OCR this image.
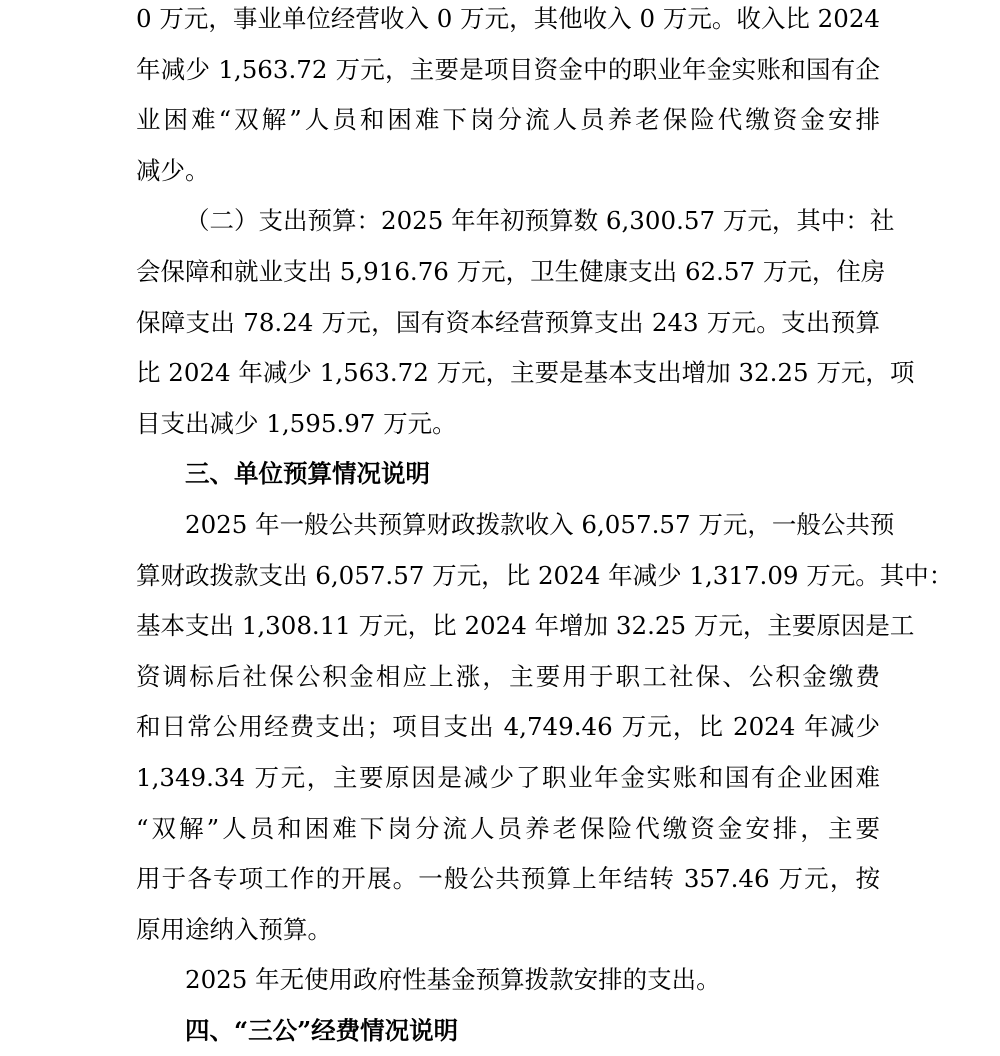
0 万元，事业单位经营收入 0 万元，其他收入 0 万元。收入比 2024
年减少 1,563.72 万元，主要是项目资金中的职业年金实账和国有企
业困难“双解”人员和困难下岗分流人员养老保险代缴资金安排
减少。
（二）支出预算：2025 年年初预算数 6,300.57 万元，其中：社
会保障和就业支出 5,916.76 万元，卫生健康支出 62.57 万元，住房
保障支出 78.24 万元，国有资本经营预算支出 243 万元。支出预算
比 2024 年减少 1,563.72 万元，主要是基本支出增加 32.25 万元，项
目支出减少 1,595.97 万元。
三、单位预算情况说明
2025 年一般公共预算财政拨款收入 6,057.57 万元，一般公共预
算财政拨款支出 6,057.57 万元，比 2024 年减少 1,317.09 万元。其中：
基本支出 1,308.11 万元，比 2024 年增加 32.25 万元，主要原因是工
资调标后社保公积金相应上涨，主要用于职工社保、公积金缴费
和日常公用经费支出；项目支出 4,749.46 万元，比 2024 年减少
1,349.34 万元，主要原因是减少了职业年金实账和国有企业困难
“双解”人员和困难下岗分流人员养老保险代缴资金安排，主要
用于各专项工作的开展。一般公共预算上年结转 357.46 万元，按
原用途纳入预算。
2025 年无使用政府性基金预算拨款安排的支出。
四、“三公”经费情况说明
